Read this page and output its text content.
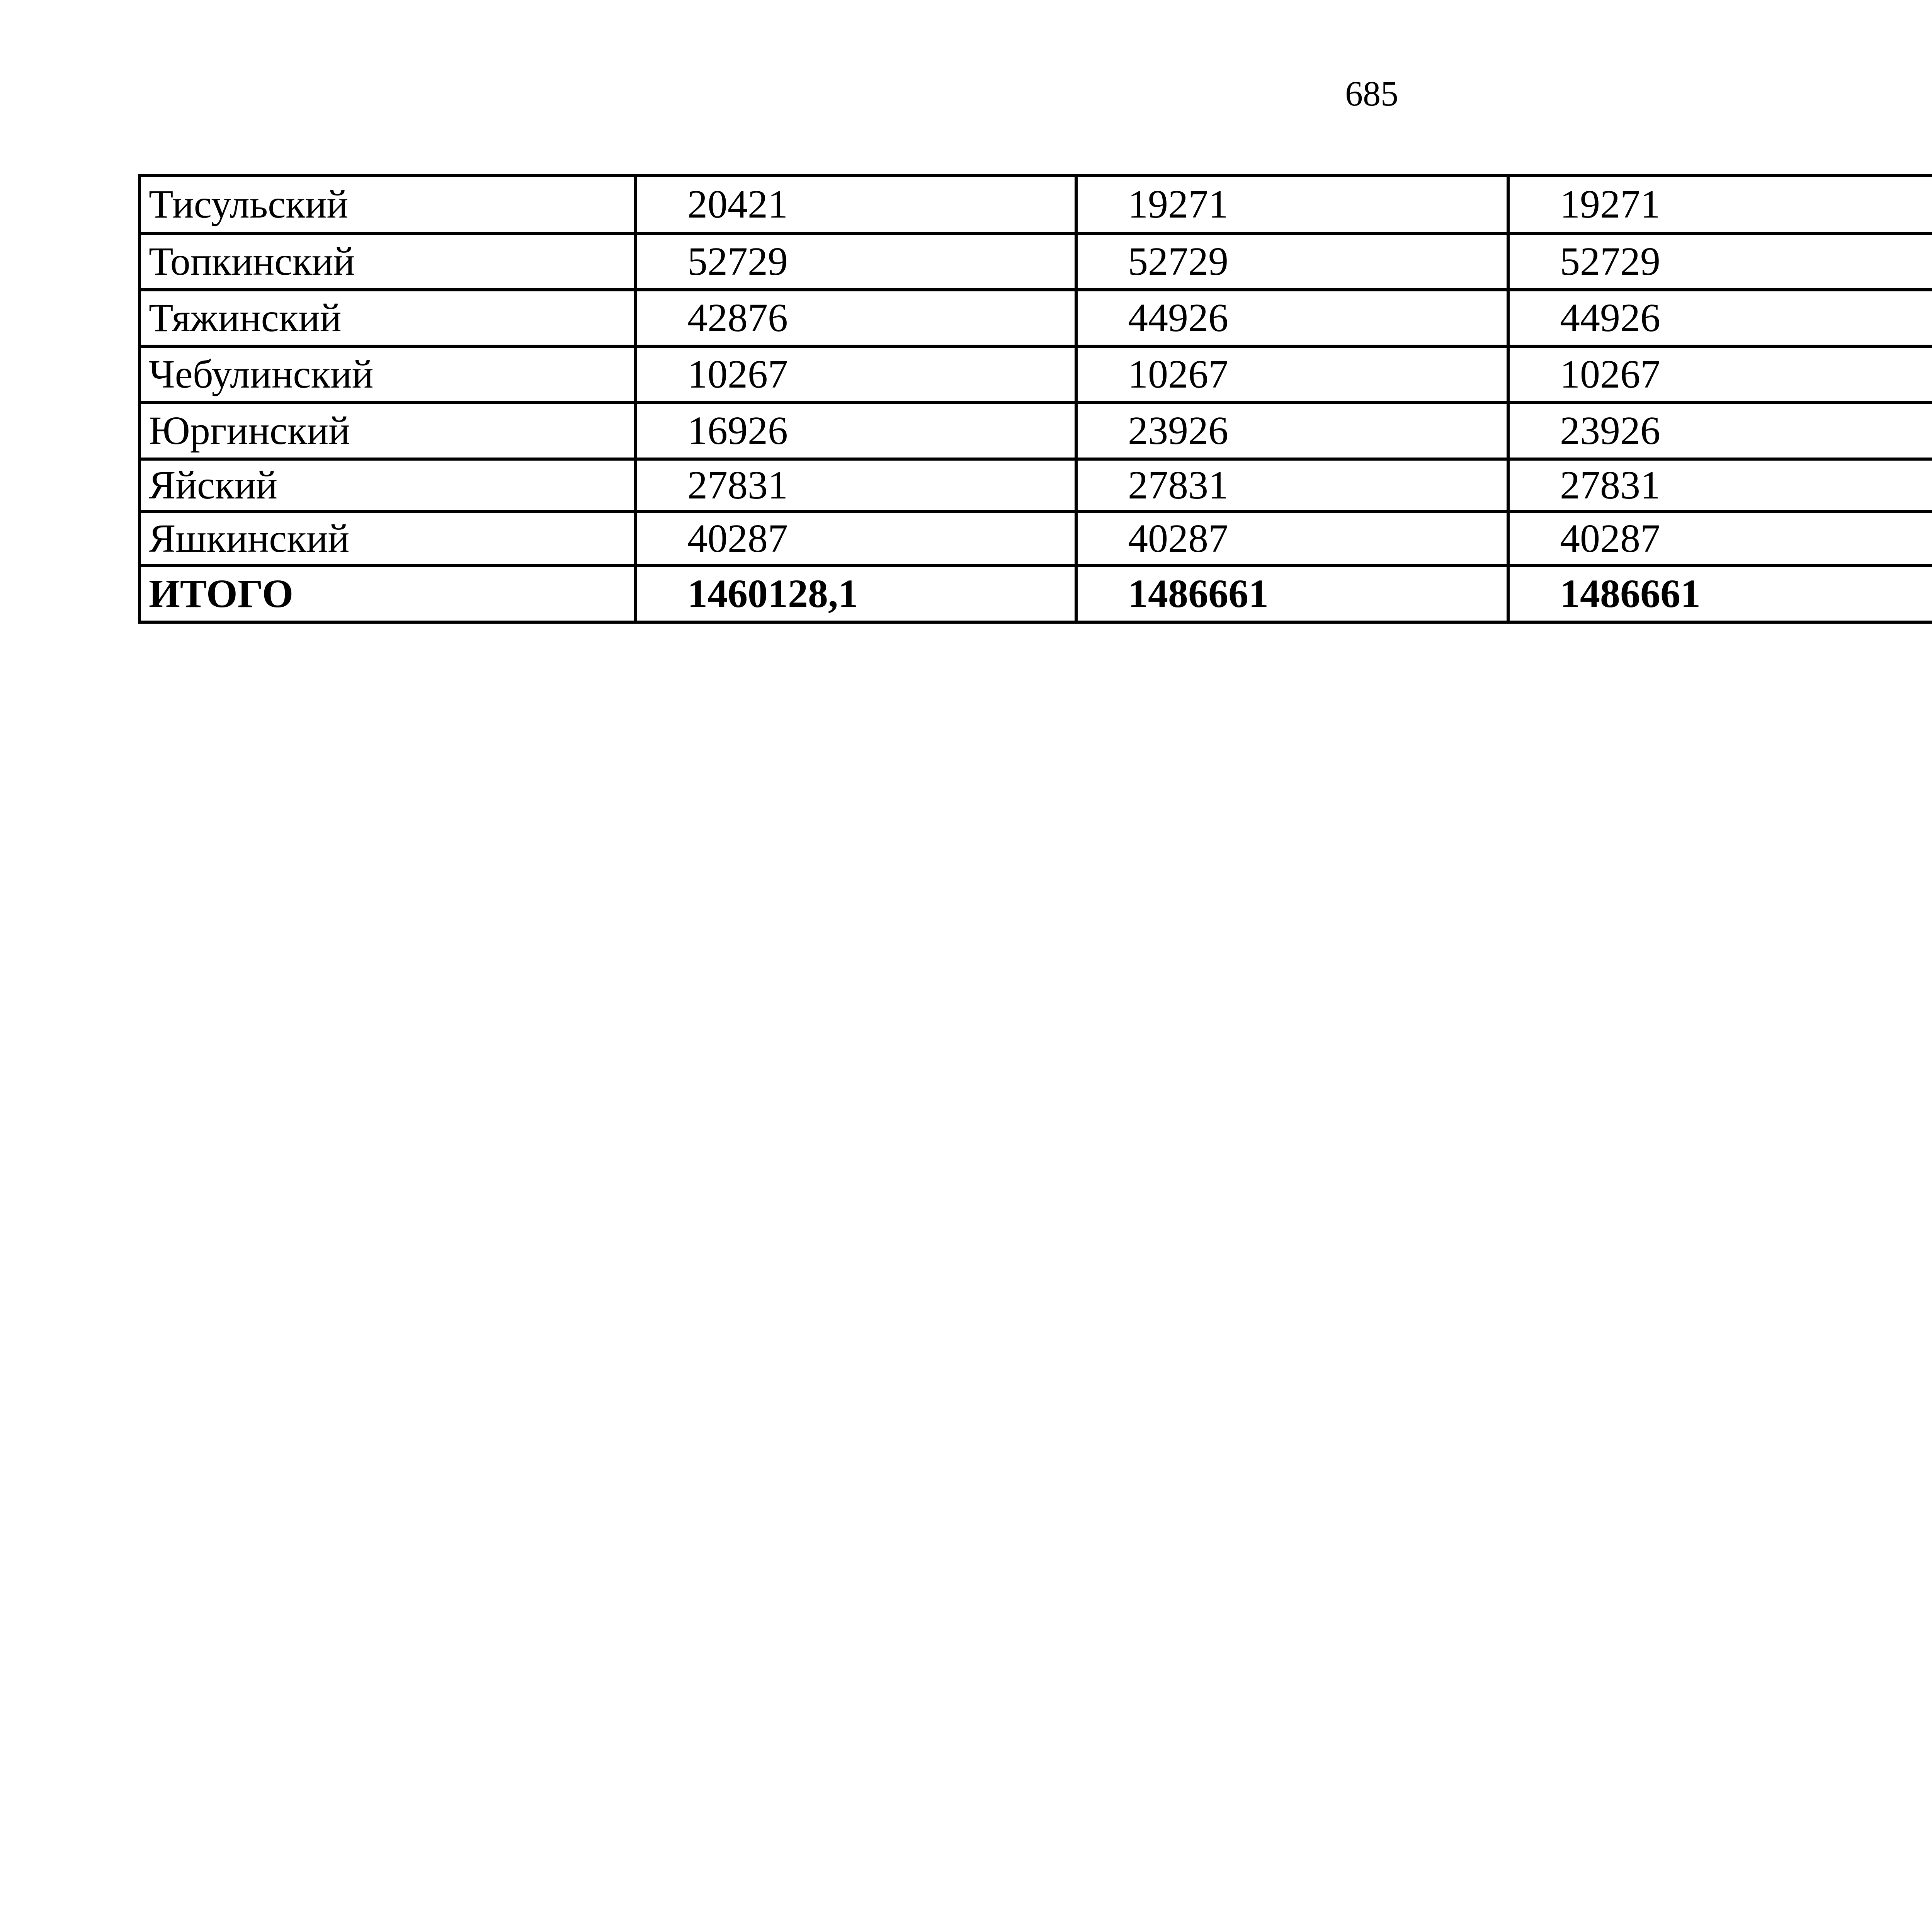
685
Тисульский	20421	19271	19271			
Топкинский	52729	52729	52729			
Тяжинский	42876	44926	44926			
Чебулинский	10267	10267	10267			
Юргинский	16926	23926	23926			
Яйский	27831	27831	27831			
Яшкинский	40287	40287	40287			
ИТОГО	1460128,1	1486661	1486661			
